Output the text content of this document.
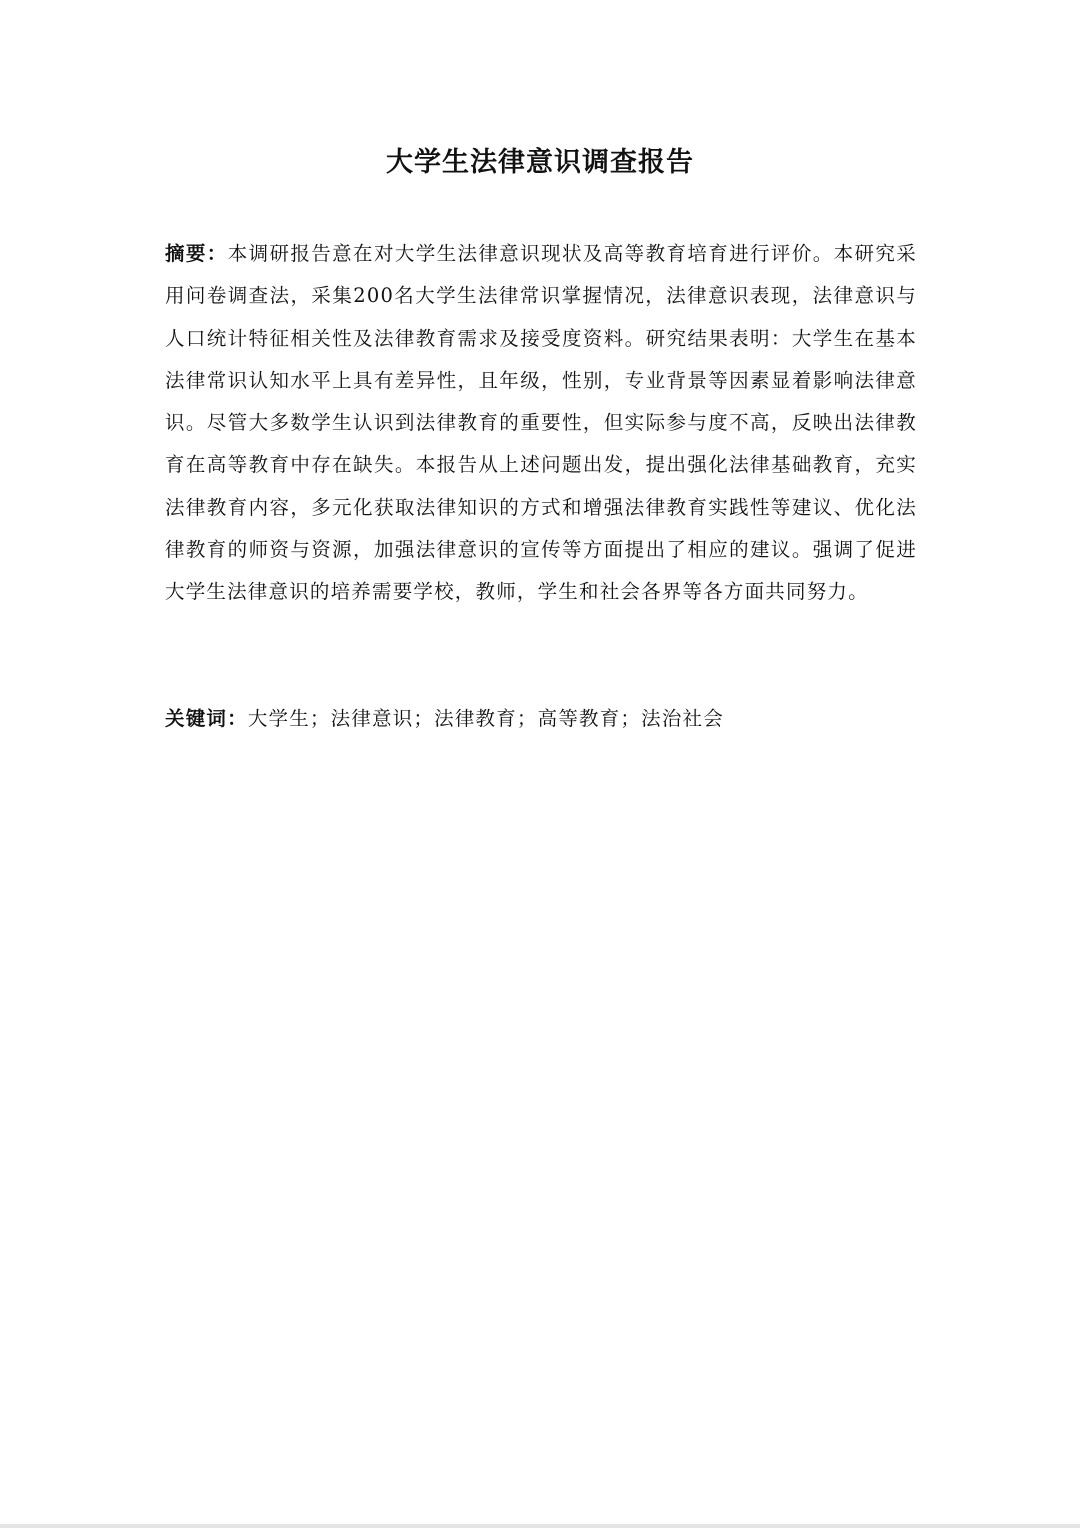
大学生法律意识调查报告

摘要：本调研报告意在对大学生法律意识现状及高等教育培育进行评价。本研究采用问卷调查法，采集200名大学生法律常识掌握情况，法律意识表现，法律意识与人口统计特征相关性及法律教育需求及接受度资料。研究结果表明：大学生在基本法律常识认知水平上具有差异性，且年级，性别，专业背景等因素显着影响法律意识。尽管大多数学生认识到法律教育的重要性，但实际参与度不高，反映出法律教育在高等教育中存在缺失。本报告从上述问题出发，提出强化法律基础教育，充实法律教育内容，多元化获取法律知识的方式和增强法律教育实践性等建议、优化法律教育的师资与资源，加强法律意识的宣传等方面提出了相应的建议。强调了促进大学生法律意识的培养需要学校，教师，学生和社会各界等各方面共同努力。

关键词：大学生；法律意识；法律教育；高等教育；法治社会
